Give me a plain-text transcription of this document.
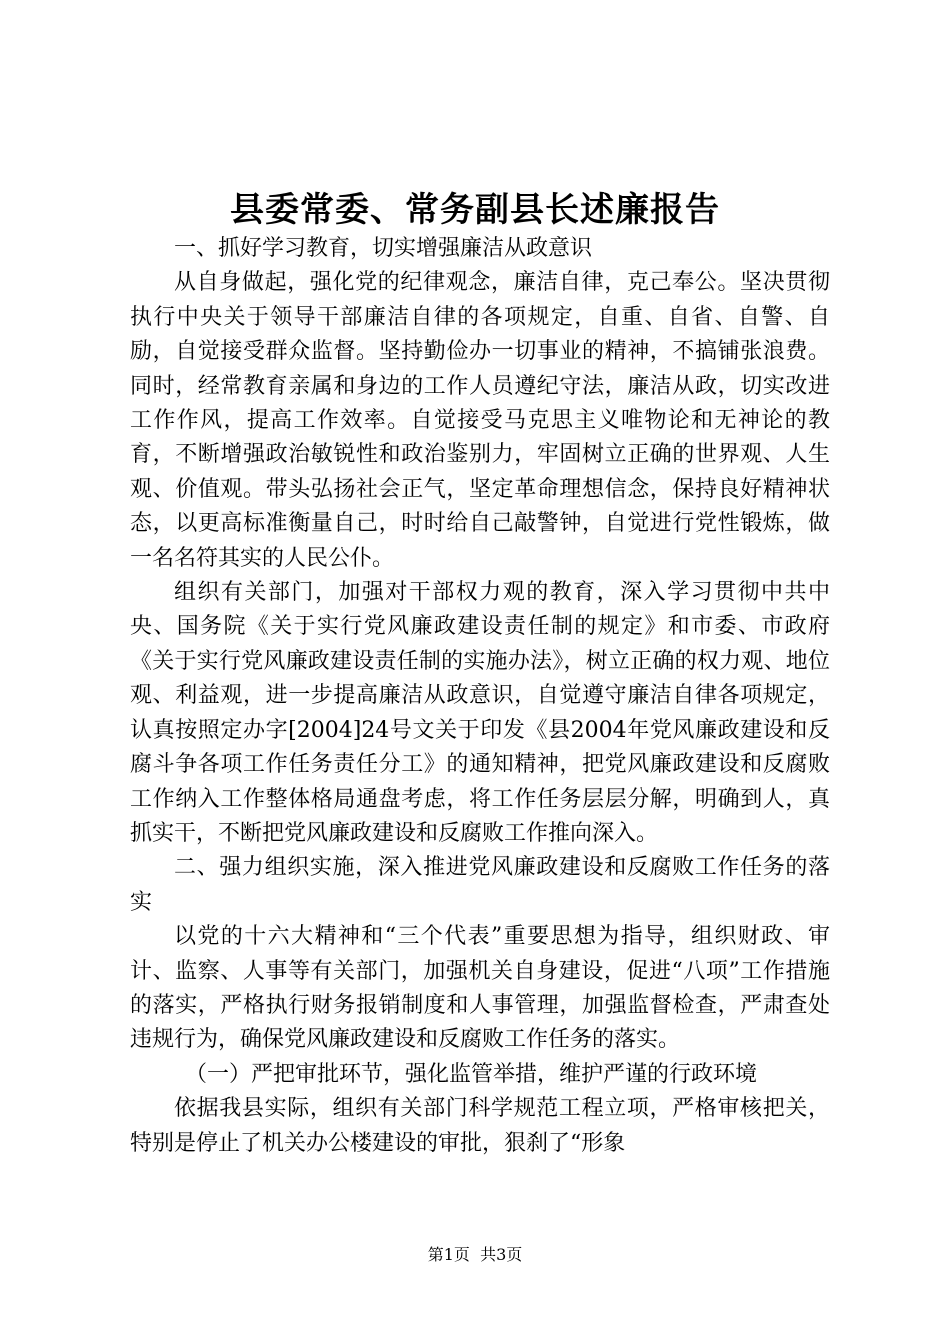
县委常委、常务副县长述廉报告

一、抓好学习教育，切实增强廉洁从政意识

从自身做起，强化党的纪律观念，廉洁自律，克己奉公。坚决贯彻执行中央关于领导干部廉洁自律的各项规定，自重、自省、自警、自励，自觉接受群众监督。坚持勤俭办一切事业的精神，不搞铺张浪费。同时，经常教育亲属和身边的工作人员遵纪守法，廉洁从政，切实改进工作作风，提高工作效率。自觉接受马克思主义唯物论和无神论的教育，不断增强政治敏锐性和政治鉴别力，牢固树立正确的世界观、人生观、价值观。带头弘扬社会正气，坚定革命理想信念，保持良好精神状态，以更高标准衡量自己，时时给自己敲警钟，自觉进行党性锻炼，做一名名符其实的人民公仆。

组织有关部门，加强对干部权力观的教育，深入学习贯彻中共中央、国务院《关于实行党风廉政建设责任制的规定》和市委、市政府《关于实行党风廉政建设责任制的实施办法》，树立正确的权力观、地位观、利益观，进一步提高廉洁从政意识，自觉遵守廉洁自律各项规定，认真按照定办字[2004]24号文关于印发《县2004年党风廉政建设和反腐斗争各项工作任务责任分工》的通知精神，把党风廉政建设和反腐败工作纳入工作整体格局通盘考虑，将工作任务层层分解，明确到人，真抓实干，不断把党风廉政建设和反腐败工作推向深入。

二、强力组织实施，深入推进党风廉政建设和反腐败工作任务的落实

以党的十六大精神和“三个代表”重要思想为指导，组织财政、审计、监察、人事等有关部门，加强机关自身建设，促进“八项”工作措施的落实，严格执行财务报销制度和人事管理，加强监督检查，严肃查处违规行为，确保党风廉政建设和反腐败工作任务的落实。

（一）严把审批环节，强化监管举措，维护严谨的行政环境

依据我县实际，组织有关部门科学规范工程立项，严格审核把关，特别是停止了机关办公楼建设的审批，狠刹了“形象

第1页  共3页
